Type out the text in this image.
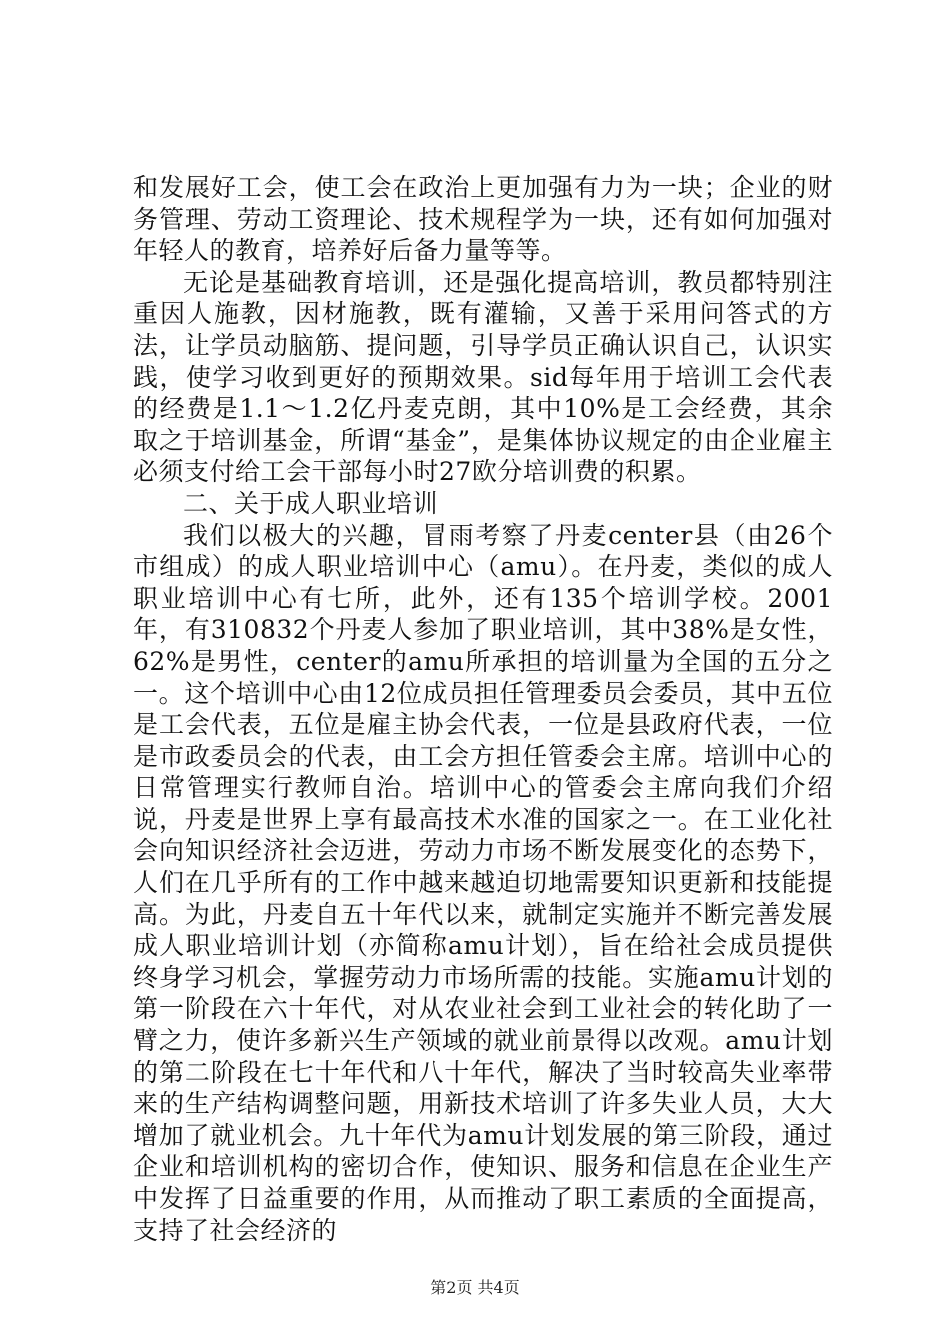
和发展好工会，使工会在政治上更加强有力为一块；企业的财务管理、劳动工资理论、技术规程学为一块，还有如何加强对年轻人的教育，培养好后备力量等等。

无论是基础教育培训，还是强化提高培训，教员都特别注重因人施教，因材施教，既有灌输，又善于采用问答式的方法，让学员动脑筋、提问题，引导学员正确认识自己，认识实践，使学习收到更好的预期效果。sid每年用于培训工会代表的经费是1.1～1.2亿丹麦克朗，其中10%是工会经费，其余取之于培训基金，所谓“基金”，是集体协议规定的由企业雇主必须支付给工会干部每小时27欧分培训费的积累。

二、关于成人职业培训

我们以极大的兴趣，冒雨考察了丹麦center县（由26个市组成）的成人职业培训中心（amu）。在丹麦，类似的成人职业培训中心有七所，此外，还有135个培训学校。2001年，有310832个丹麦人参加了职业培训，其中38%是女性，62%是男性，center的amu所承担的培训量为全国的五分之一。这个培训中心由12位成员担任管理委员会委员，其中五位是工会代表，五位是雇主协会代表，一位是县政府代表，一位是市政委员会的代表，由工会方担任管委会主席。培训中心的日常管理实行教师自治。培训中心的管委会主席向我们介绍说，丹麦是世界上享有最高技术水准的国家之一。在工业化社会向知识经济社会迈进，劳动力市场不断发展变化的态势下，人们在几乎所有的工作中越来越迫切地需要知识更新和技能提高。为此，丹麦自五十年代以来，就制定实施并不断完善发展成人职业培训计划（亦简称amu计划），旨在给社会成员提供终身学习机会，掌握劳动力市场所需的技能。实施amu计划的第一阶段在六十年代，对从农业社会到工业社会的转化助了一臂之力，使许多新兴生产领域的就业前景得以改观。amu计划的第二阶段在七十年代和八十年代，解决了当时较高失业率带来的生产结构调整问题，用新技术培训了许多失业人员，大大增加了就业机会。九十年代为amu计划发展的第三阶段，通过企业和培训机构的密切合作，使知识、服务和信息在企业生产中发挥了日益重要的作用，从而推动了职工素质的全面提高，支持了社会经济的

第2页 共4页
